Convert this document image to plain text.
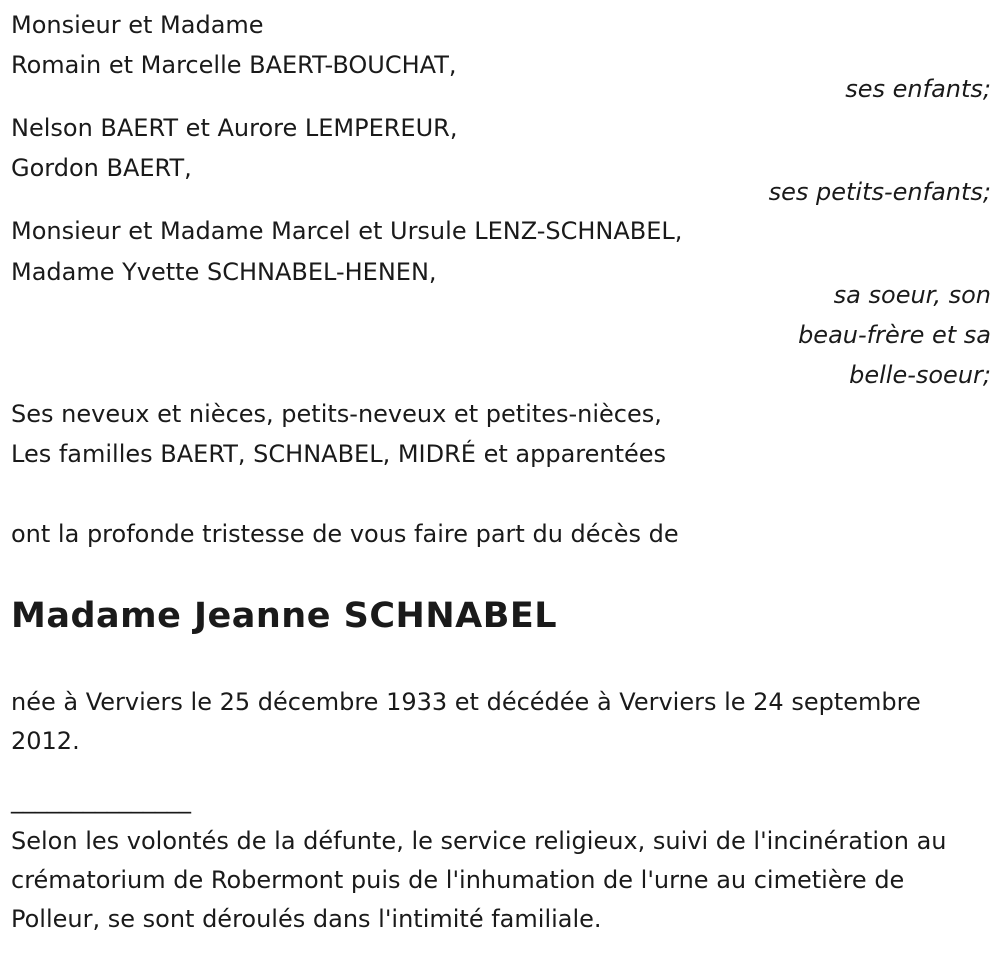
Monsieur et Madame
Romain et Marcelle BAERT-BOUCHAT,
ses enfants;
Nelson BAERT et Aurore LEMPEREUR,
Gordon BAERT,
ses petits-enfants;
Monsieur et Madame Marcel et Ursule LENZ-SCHNABEL,
Madame Yvette SCHNABEL-HENEN,
sa soeur, son
beau-frère et sa
belle-soeur;
Ses neveux et nièces, petits-neveux et petites-nièces,
Les familles BAERT, SCHNABEL, MIDRÉ et apparentées
ont la profonde tristesse de vous faire part du décès de
Madame Jeanne SCHNABEL
née à Verviers le 25 décembre 1933 et décédée à Verviers le 24 septembre 2012.
_______________
Selon les volontés de la défunte, le service religieux, suivi de l'incinération au crématorium de Robermont puis de l'inhumation de l'urne au cimetière de Polleur, se sont déroulés dans l'intimité familiale.
